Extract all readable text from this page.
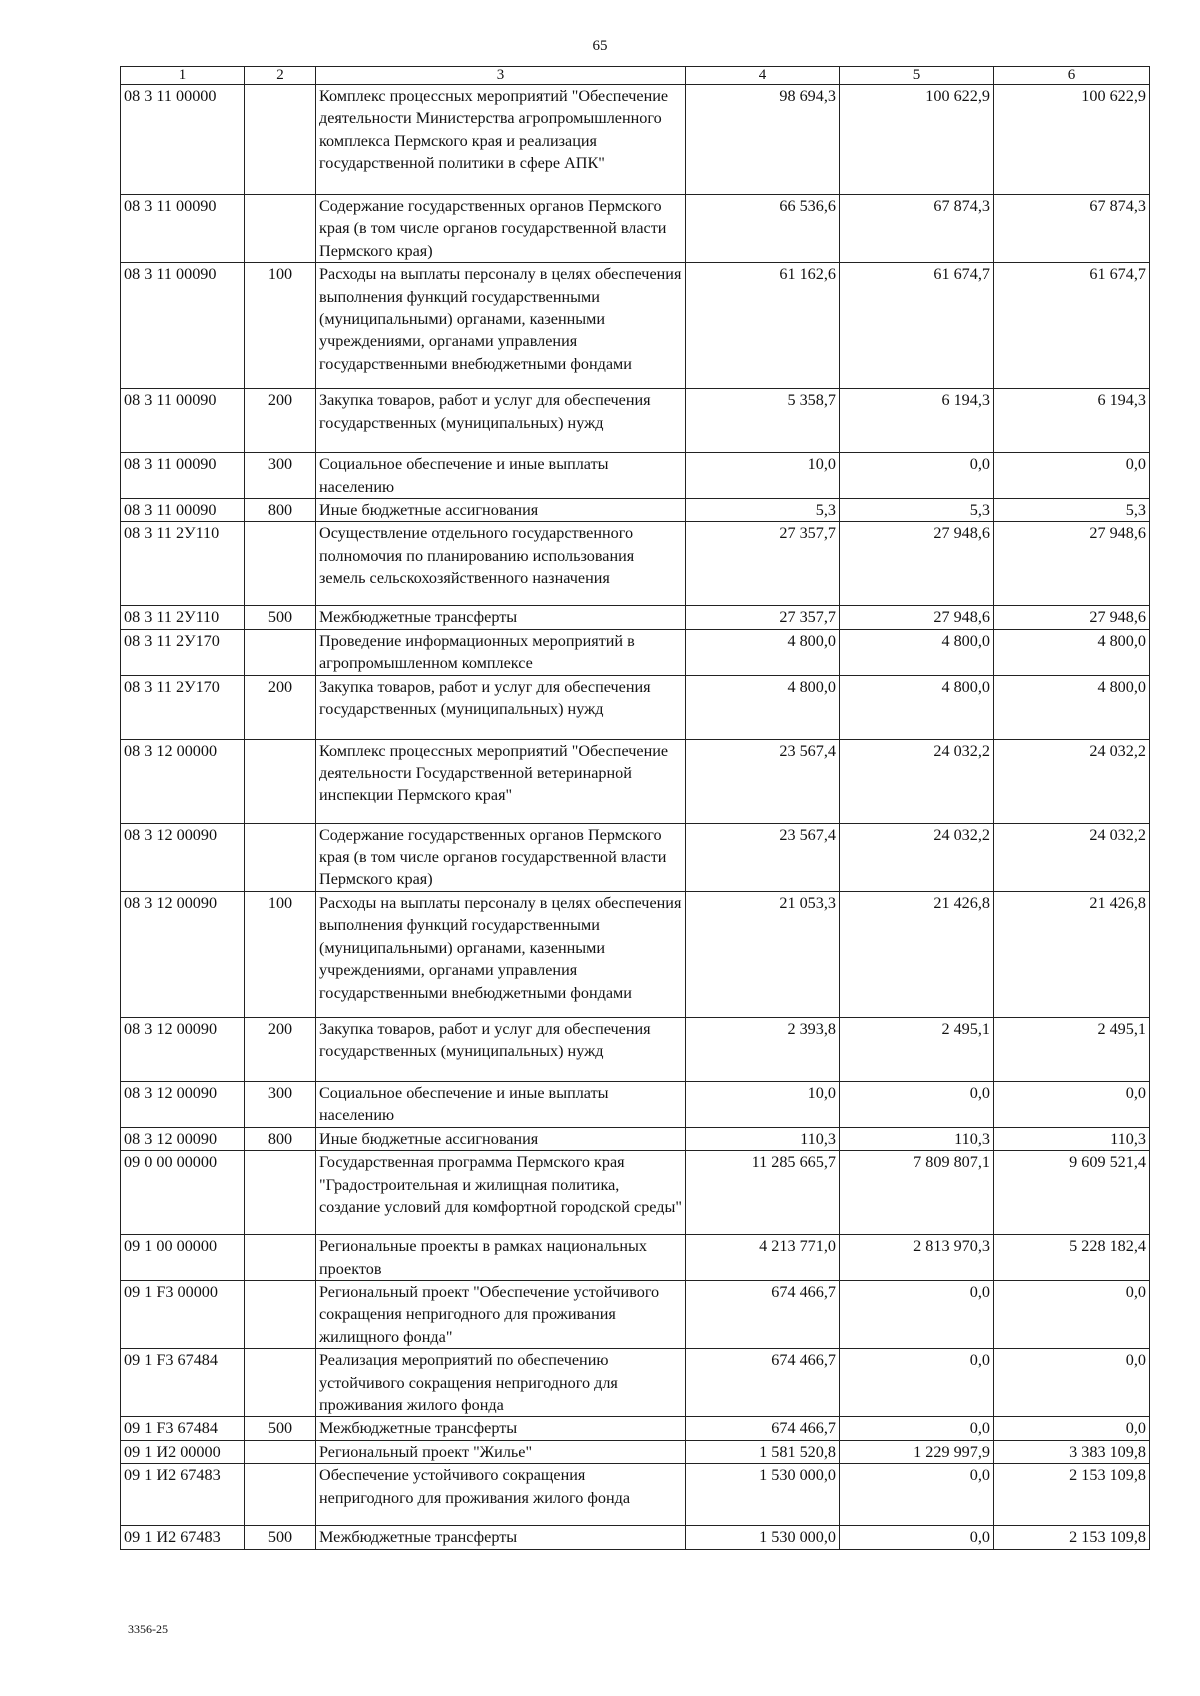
65
1	2	3	4	5	6
08 3 11 00000		Комплекс процессных мероприятий "Обеспечение деятельности Министерства агропромышленного комплекса Пермского края и реализация государственной политики в сфере АПК"	98 694,3	100 622,9	100 622,9
08 3 11 00090		Содержание государственных органов Пермского края (в том числе органов государственной власти Пермского края)	66 536,6	67 874,3	67 874,3
08 3 11 00090	100	Расходы на выплаты персоналу в целях обеспечения выполнения функций государственными (муниципальными) органами, казенными учреждениями, органами управления государственными внебюджетными фондами	61 162,6	61 674,7	61 674,7
08 3 11 00090	200	Закупка товаров, работ и услуг для обеспечения государственных (муниципальных) нужд	5 358,7	6 194,3	6 194,3
08 3 11 00090	300	Социальное обеспечение и иные выплаты населению	10,0	0,0	0,0
08 3 11 00090	800	Иные бюджетные ассигнования	5,3	5,3	5,3
08 3 11 2У110		Осуществление отдельного государственного полномочия по планированию использования земель сельскохозяйственного назначения	27 357,7	27 948,6	27 948,6
08 3 11 2У110	500	Межбюджетные трансферты	27 357,7	27 948,6	27 948,6
08 3 11 2У170		Проведение информационных мероприятий в агропромышленном комплексе	4 800,0	4 800,0	4 800,0
08 3 11 2У170	200	Закупка товаров, работ и услуг для обеспечения государственных (муниципальных) нужд	4 800,0	4 800,0	4 800,0
08 3 12 00000		Комплекс процессных мероприятий "Обеспечение деятельности Государственной ветеринарной инспекции Пермского края"	23 567,4	24 032,2	24 032,2
08 3 12 00090		Содержание государственных органов Пермского края (в том числе органов государственной власти Пермского края)	23 567,4	24 032,2	24 032,2
08 3 12 00090	100	Расходы на выплаты персоналу в целях обеспечения выполнения функций государственными (муниципальными) органами, казенными учреждениями, органами управления государственными внебюджетными фондами	21 053,3	21 426,8	21 426,8
08 3 12 00090	200	Закупка товаров, работ и услуг для обеспечения государственных (муниципальных) нужд	2 393,8	2 495,1	2 495,1
08 3 12 00090	300	Социальное обеспечение и иные выплаты населению	10,0	0,0	0,0
08 3 12 00090	800	Иные бюджетные ассигнования	110,3	110,3	110,3
09 0 00 00000		Государственная программа Пермского края "Градостроительная и жилищная политика, создание условий для комфортной городской среды"	11 285 665,7	7 809 807,1	9 609 521,4
09 1 00 00000		Региональные проекты в рамках национальных проектов	4 213 771,0	2 813 970,3	5 228 182,4
09 1 F3 00000		Региональный проект "Обеспечение устойчивого сокращения непригодного для проживания жилищного фонда"	674 466,7	0,0	0,0
09 1 F3 67484		Реализация мероприятий по обеспечению устойчивого сокращения непригодного для проживания жилого фонда	674 466,7	0,0	0,0
09 1 F3 67484	500	Межбюджетные трансферты	674 466,7	0,0	0,0
09 1 И2 00000		Региональный проект "Жилье"	1 581 520,8	1 229 997,9	3 383 109,8
09 1 И2 67483		Обеспечение устойчивого сокращения непригодного для проживания жилого фонда	1 530 000,0	0,0	2 153 109,8
09 1 И2 67483	500	Межбюджетные трансферты	1 530 000,0	0,0	2 153 109,8
3356-25
